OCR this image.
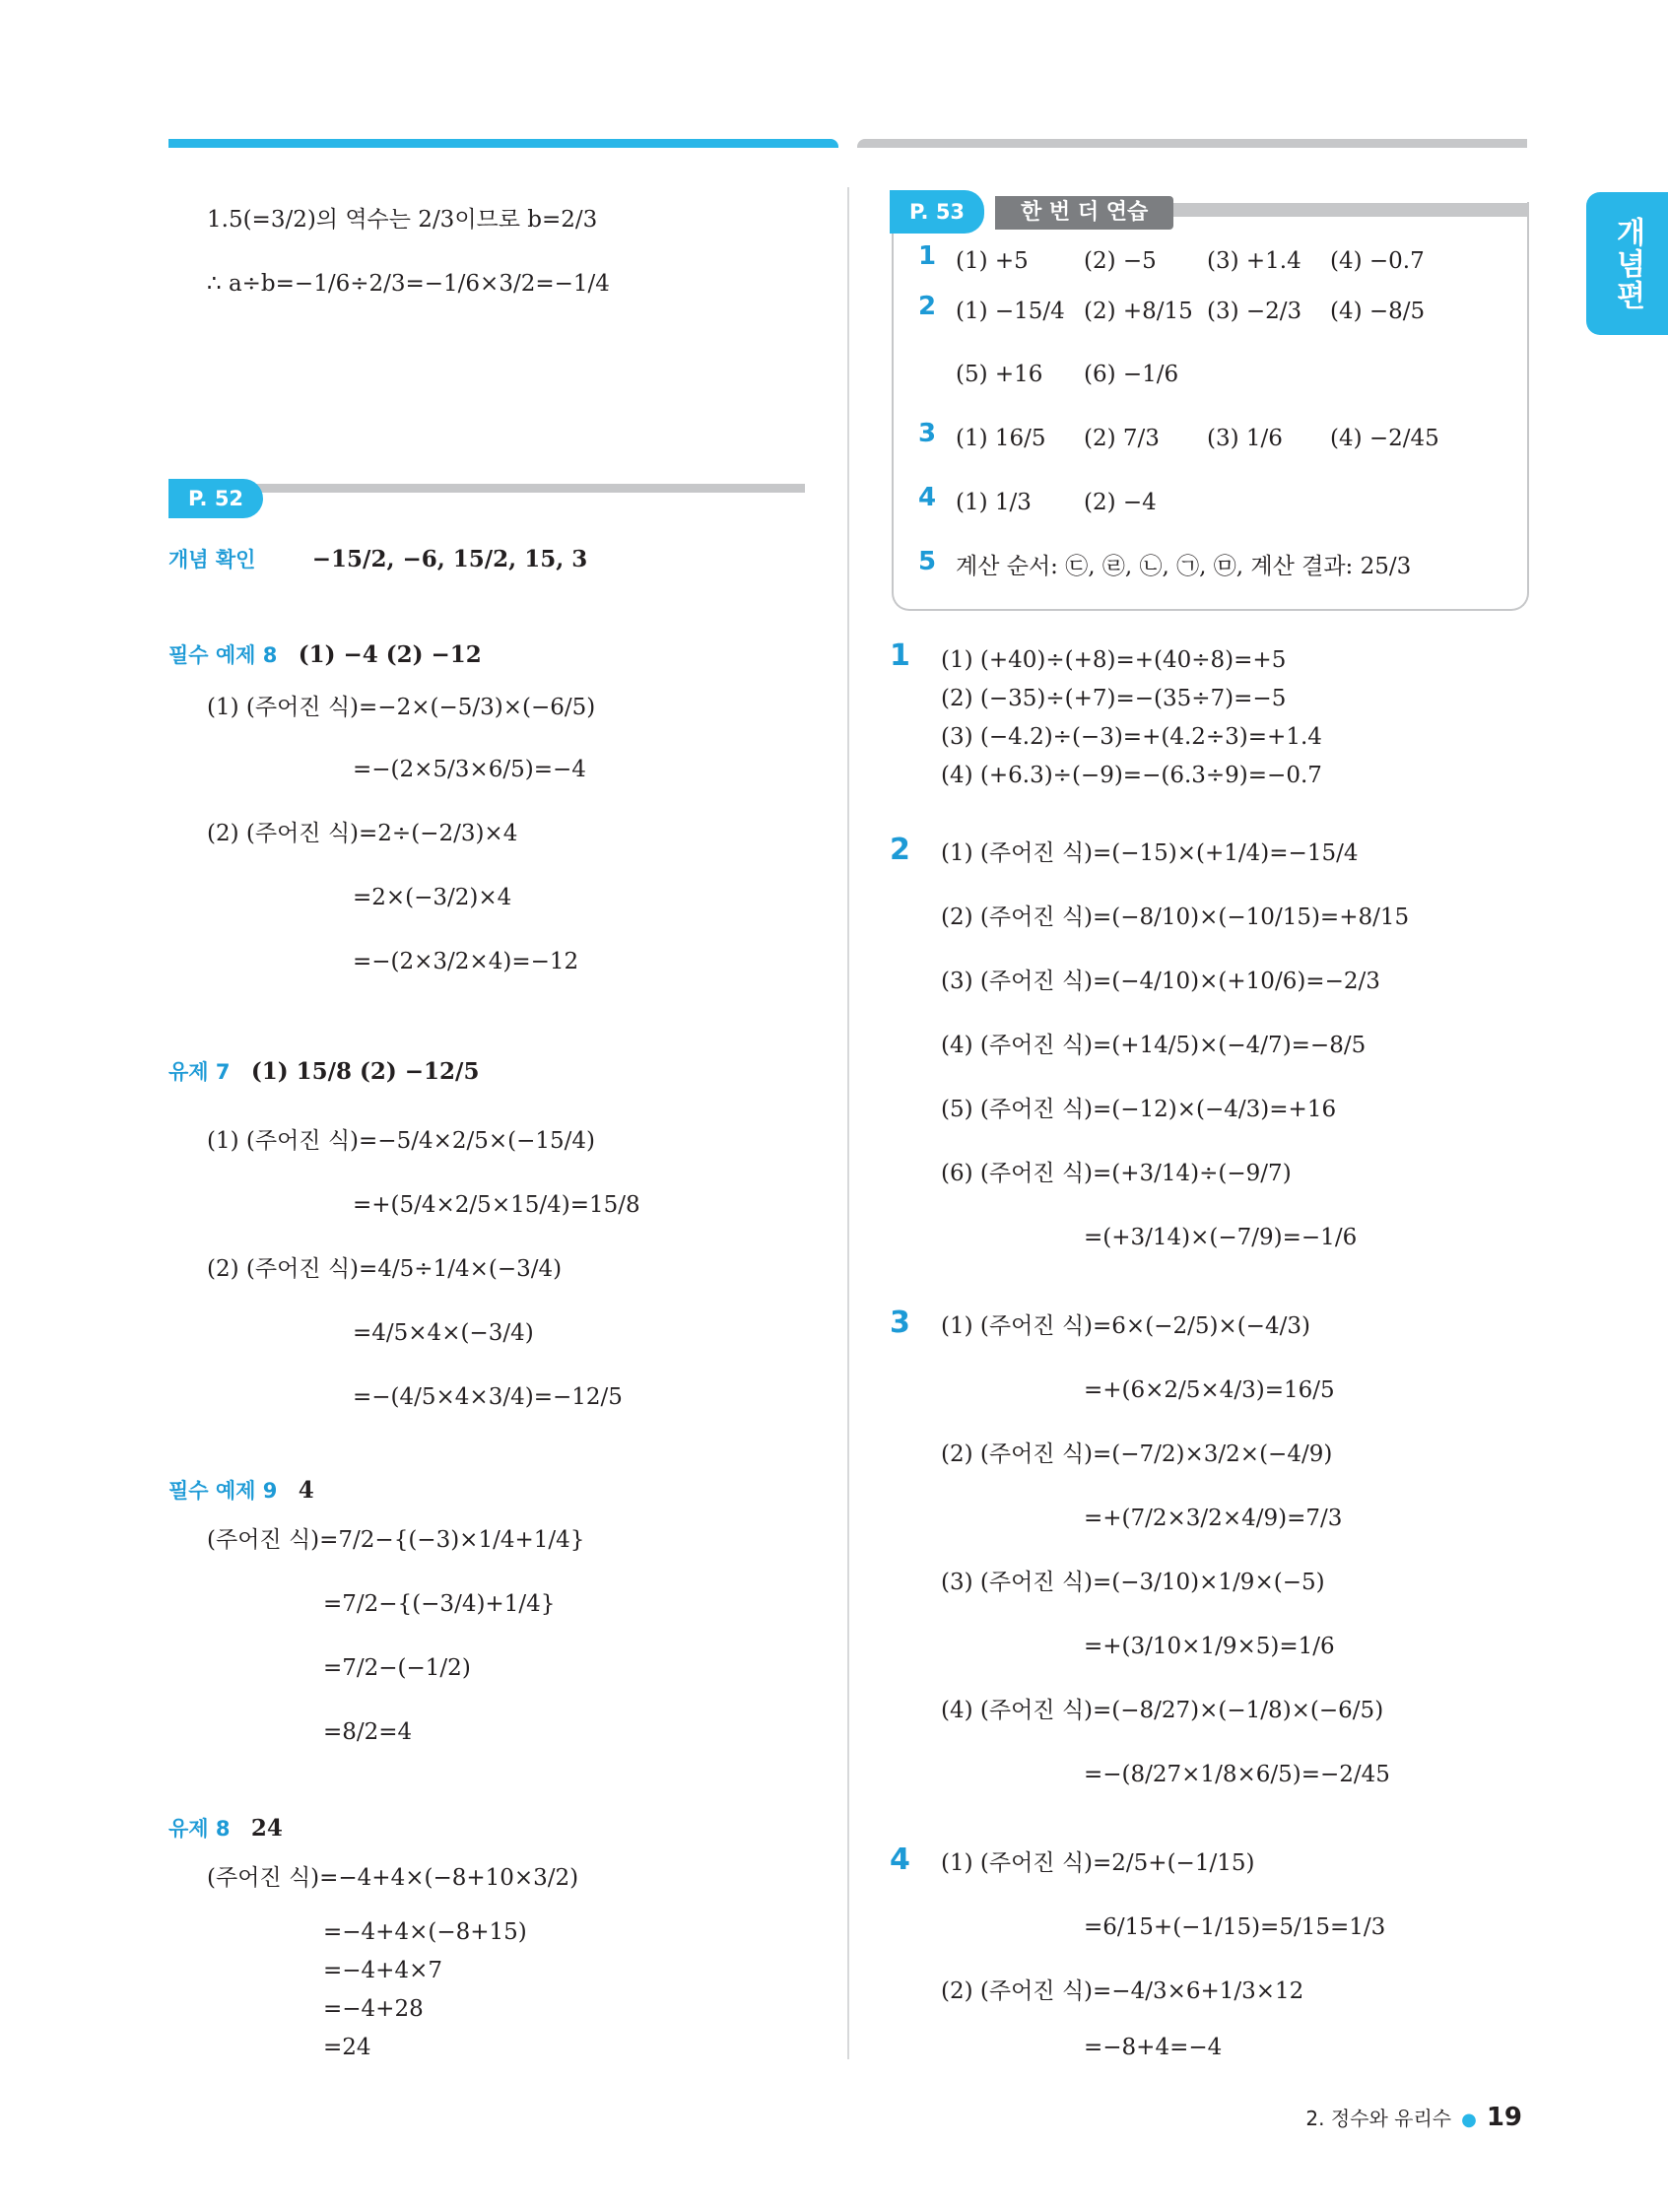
개념편
1.5(=3/2)의 역수는 2/3이므로 b=2/3
∴ a÷b=−1/6÷2/3=−1/6×3/2=−1/4
P. 52
개념 확인 −15/2, −6, 15/2, 15, 3
필수 예제 8 (1) −4 (2) −12
(1) (주어진 식)=−2×(−5/3)×(−6/5)
=−(2×5/3×6/5)=−4
(2) (주어진 식)=2÷(−2/3)×4
=2×(−3/2)×4
=−(2×3/2×4)=−12
유제 7 (1) 15/8 (2) −12/5
(1) (주어진 식)=−5/4×2/5×(−15/4)
=+(5/4×2/5×15/4)=15/8
(2) (주어진 식)=4/5÷1/4×(−3/4)
=4/5×4×(−3/4)
=−(4/5×4×3/4)=−12/5
필수 예제 9 4
(주어진 식)=7/2−{(−3)×1/4+1/4}
=7/2−{(−3/4)+1/4}
=7/2−(−1/2)
=8/2=4
유제 8 24
(주어진 식)=−4+4×(−8+10×3/2)
=−4+4×(−8+15)
=−4+4×7
=−4+28
=24
P. 53	한 번 더 연습
1 (1) +5 (2) −5 (3) +1.4 (4) −0.7
2 (1) −15/4 (2) +8/15 (3) −2/3 (4) −8/5
(5) +16 (6) −1/6
3 (1) 16/5 (2) 7/3 (3) 1/6 (4) −2/45
4 (1) 1/3 (2) −4
5 계산 순서: ㉢, ㉣, ㉡, ㉠, ㉤, 계산 결과: 25/3
1 (1) (+40)÷(+8)=+(40÷8)=+5
(2) (−35)÷(+7)=−(35÷7)=−5
(3) (−4.2)÷(−3)=+(4.2÷3)=+1.4
(4) (+6.3)÷(−9)=−(6.3÷9)=−0.7
2 (1) (주어진 식)=(−15)×(+1/4)=−15/4
(2) (주어진 식)=(−8/10)×(−10/15)=+8/15
(3) (주어진 식)=(−4/10)×(+10/6)=−2/3
(4) (주어진 식)=(+14/5)×(−4/7)=−8/5
(5) (주어진 식)=(−12)×(−4/3)=+16
(6) (주어진 식)=(+3/14)÷(−9/7)
=(+3/14)×(−7/9)=−1/6
3 (1) (주어진 식)=6×(−2/5)×(−4/3)
=+(6×2/5×4/3)=16/5
(2) (주어진 식)=(−7/2)×3/2×(−4/9)
=+(7/2×3/2×4/9)=7/3
(3) (주어진 식)=(−3/10)×1/9×(−5)
=+(3/10×1/9×5)=1/6
(4) (주어진 식)=(−8/27)×(−1/8)×(−6/5)
=−(8/27×1/8×6/5)=−2/45
4 (1) (주어진 식)=2/5+(−1/15)
=6/15+(−1/15)=5/15=1/3
(2) (주어진 식)=−4/3×6+1/3×12
=−8+4=−4
2. 정수와 유리수 ● 19
